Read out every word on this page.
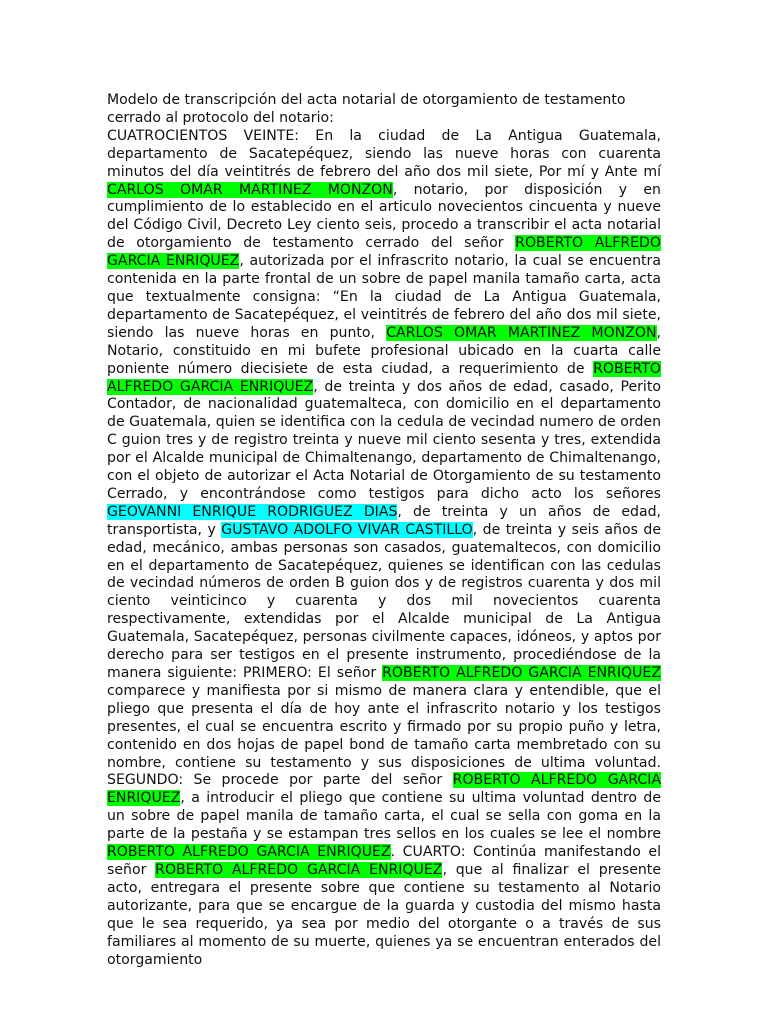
Modelo de transcripción del acta notarial de otorgamiento de testamento cerrado al protocolo del notario:

CUATROCIENTOS VEINTE: En la ciudad de La Antigua Guatemala, departamento de Sacatepéquez, siendo las nueve horas con cuarenta minutos del día veintitrés de febrero del año dos mil siete, Por mí y Ante mí CARLOS OMAR MARTINEZ MONZON, notario, por disposición y en cumplimiento de lo establecido en el articulo novecientos cincuenta y nueve del Código Civil, Decreto Ley ciento seis, procedo a transcribir el acta notarial de otorgamiento de testamento cerrado del señor ROBERTO ALFREDO GARCIA ENRIQUEZ, autorizada por el infrascrito notario, la cual se encuentra contenida en la parte frontal de un sobre de papel manila tamaño carta, acta que textualmente consigna: “En la ciudad de La Antigua Guatemala, departamento de Sacatepéquez, el veintitrés de febrero del año dos mil siete, siendo las nueve horas en punto, CARLOS OMAR MARTINEZ MONZON, Notario, constituido en mi bufete profesional ubicado en la cuarta calle poniente número diecisiete de esta ciudad, a requerimiento de ROBERTO ALFREDO GARCIA ENRIQUEZ, de treinta y dos años de edad, casado, Perito Contador, de nacionalidad guatemalteca, con domicilio en el departamento de Guatemala, quien se identifica con la cedula de vecindad numero de orden C guion tres y de registro treinta y nueve mil ciento sesenta y tres, extendida por el Alcalde municipal de Chimaltenango, departamento de Chimaltenango, con el objeto de autorizar el Acta Notarial de Otorgamiento de su testamento Cerrado, y encontrándose como testigos para dicho acto los señores GEOVANNI ENRIQUE RODRIGUEZ DIAS, de treinta y un años de edad, transportista, y GUSTAVO ADOLFO VIVAR CASTILLO, de treinta y seis años de edad, mecánico, ambas personas son casados, guatemaltecos, con domicilio en el departamento de Sacatepéquez, quienes se identifican con las cedulas de vecindad números de orden B guion dos y de registros cuarenta y dos mil ciento veinticinco y cuarenta y dos mil novecientos cuarenta respectivamente, extendidas por el Alcalde municipal de La Antigua Guatemala, Sacatepéquez, personas civilmente capaces, idóneos, y aptos por derecho para ser testigos en el presente instrumento, procediéndose de la manera siguiente: PRIMERO: El señor ROBERTO ALFREDO GARCIA ENRIQUEZ comparece y manifiesta por si mismo de manera clara y entendible, que el pliego que presenta el día de hoy ante el infrascrito notario y los testigos presentes, el cual se encuentra escrito y firmado por su propio puño y letra, contenido en dos hojas de papel bond de tamaño carta membretado con su nombre, contiene su testamento y sus disposiciones de ultima voluntad. SEGUNDO: Se procede por parte del señor ROBERTO ALFREDO GARCIA ENRIQUEZ, a introducir el pliego que contiene su ultima voluntad dentro de un sobre de papel manila de tamaño carta, el cual se sella con goma en la parte de la pestaña y se estampan tres sellos en los cuales se lee el nombre ROBERTO ALFREDO GARCIA ENRIQUEZ. CUARTO: Continúa manifestando el señor ROBERTO ALFREDO GARCIA ENRIQUEZ, que al finalizar el presente acto, entregara el presente sobre que contiene su testamento al Notario autorizante, para que se encargue de la guarda y custodia del mismo hasta que le sea requerido, ya sea por medio del otorgante o a través de sus familiares al momento de su muerte, quienes ya se encuentran enterados del otorgamiento
